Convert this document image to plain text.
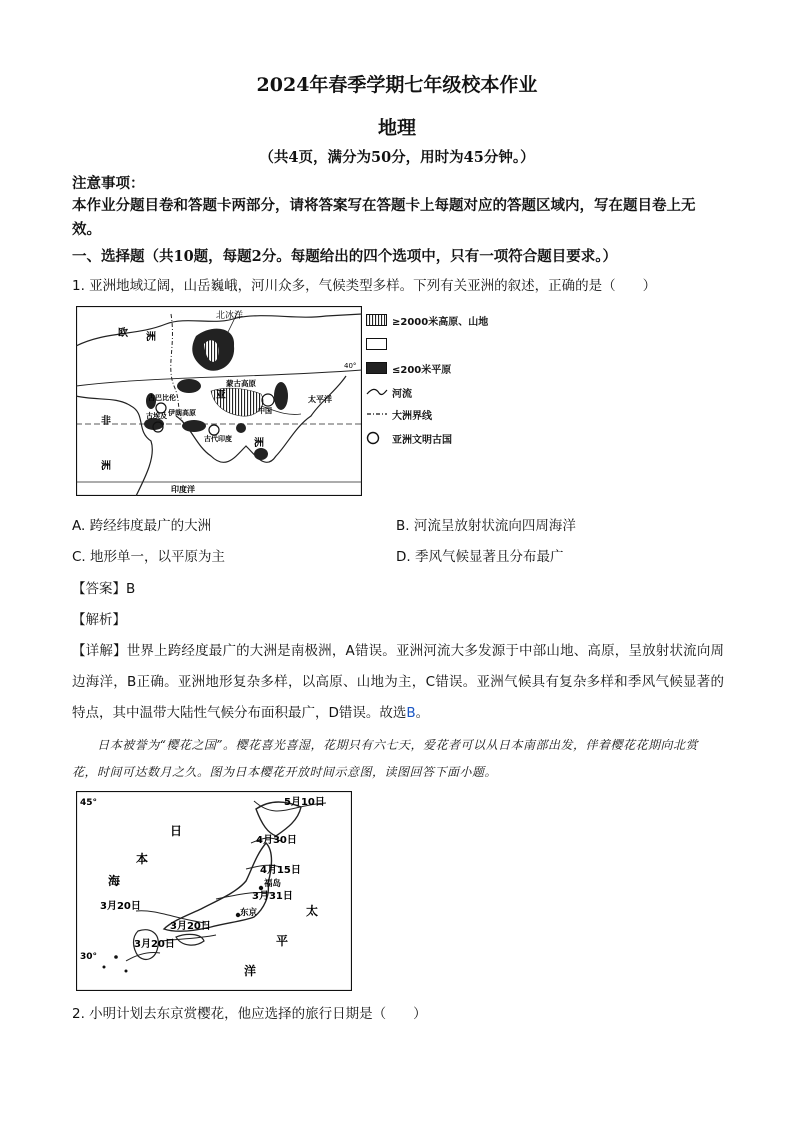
2024年春季学期七年级校本作业
地理
（共4页，满分为50分，用时为45分钟。）
注意事项：
本作业分题目卷和答题卡两部分，请将答案写在答题卡上每题对应的答题区域内，写在题目卷上无效。
一、选择题（共10题，每题2分。每题给出的四个选项中，只有一项符合题目要求。）
1. 亚洲地域辽阔，山岳巍峨，河川众多，气候类型多样。下列有关亚洲的叙述，正确的是（　　）
北冰洋
欧 洲
非
洲
亚
洲
蒙古高原
伊朗高原
古巴比伦
古埃及
古代印度
中国
太平洋
印度洋
40°
≥2000米高原、山地
≤200米平原
河流
大洲界线
亚洲文明古国
A. 跨经纬度最广的大洲	B. 河流呈放射状流向四周海洋
C. 地形单一，以平原为主	D. 季风气候显著且分布最广
【答案】B
【解析】
【详解】世界上跨经度最广的大洲是南极洲，A错误。亚洲河流大多发源于中部山地、高原，呈放射状流向周边海洋，B正确。亚洲地形复杂多样，以高原、山地为主，C错误。亚洲气候具有复杂多样和季风气候显著的特点，其中温带大陆性气候分布面积最广，D错误。故选B。
日本被誉为“樱花之国”。樱花喜光喜湿，花期只有六七天，爱花者可以从日本南部出发，伴着樱花花期向北赏花，时间可达数月之久。图为日本樱花开放时间示意图，读图回答下面小题。
45°
30°
日
本
海
太
平
洋
5月10日
4月30日
4月15日
福岛
3月31日
东京
3月20日
3月20日
3月20日
2. 小明计划去东京赏樱花，他应选择的旅行日期是（　　）
